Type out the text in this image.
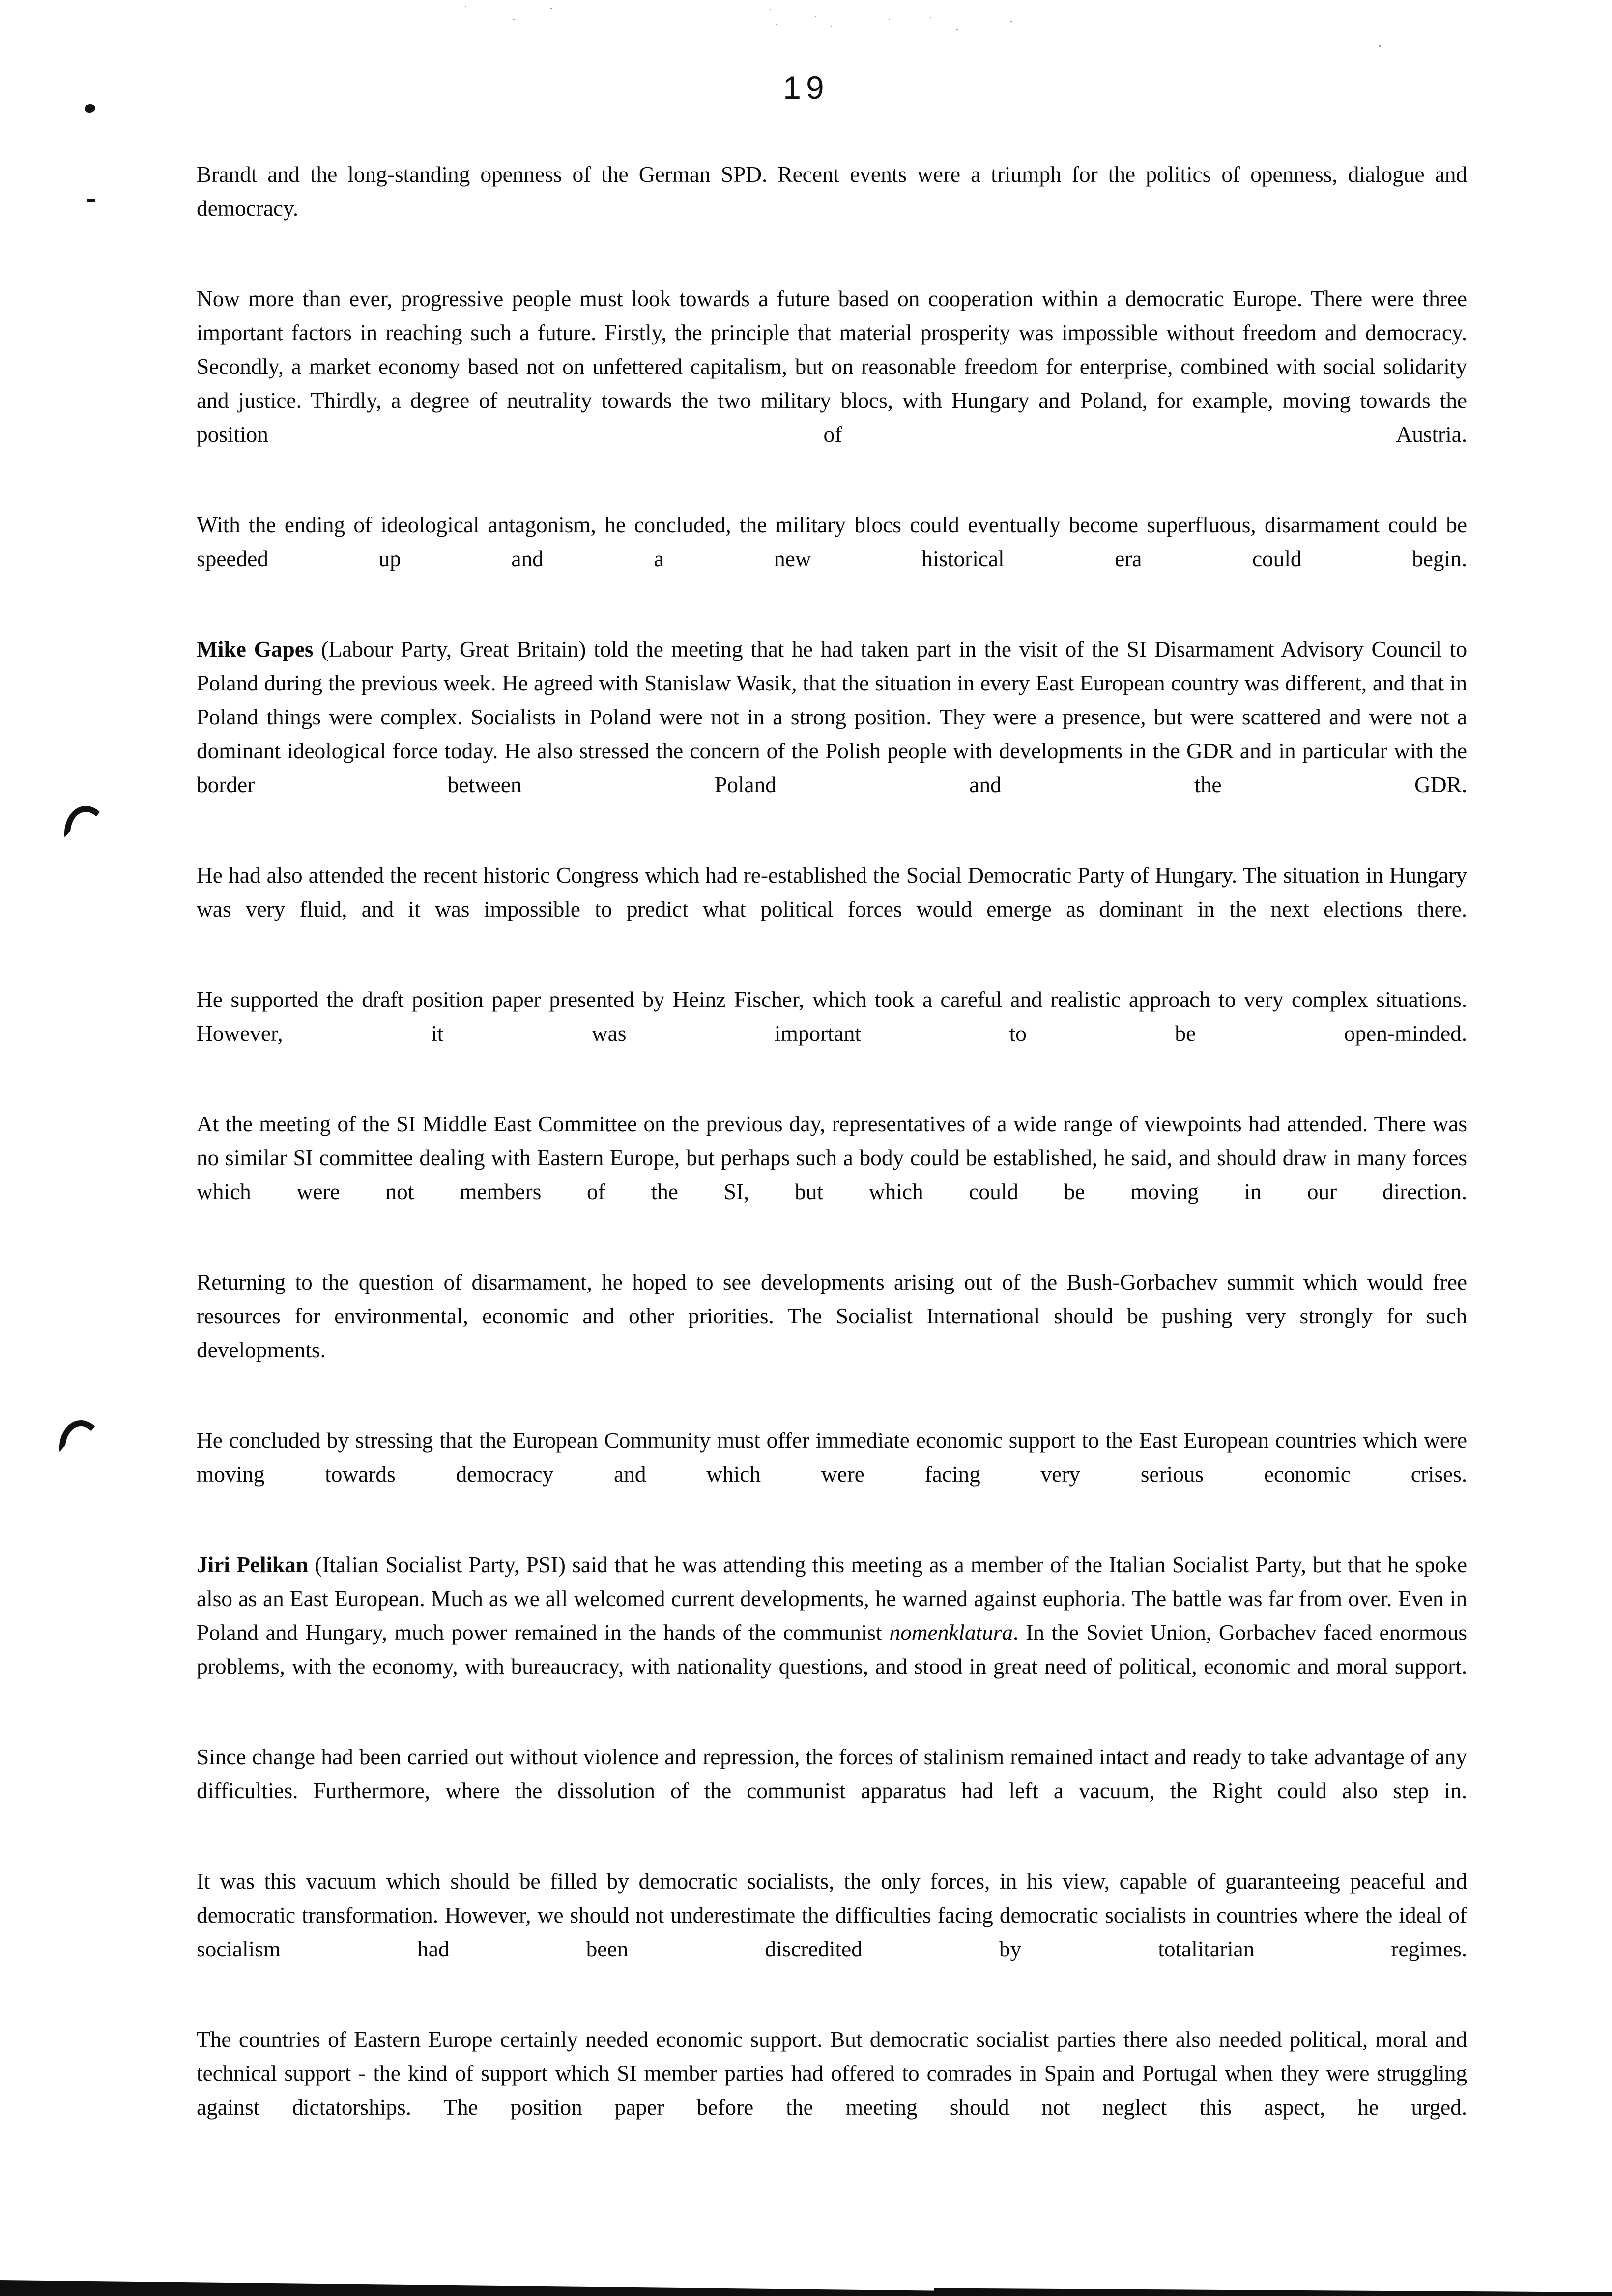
19

Brandt and the long-standing openness of the German SPD. Recent events were a triumph for the politics of openness, dialogue and democracy.

Now more than ever, progressive people must look towards a future based on cooperation within a democratic Europe. There were three important factors in reaching such a future. Firstly, the principle that material prosperity was impossible without freedom and democracy. Secondly, a market economy based not on unfettered capitalism, but on reasonable freedom for enterprise, combined with social solidarity and justice. Thirdly, a degree of neutrality towards the two military blocs, with Hungary and Poland, for example, moving towards the position of Austria.

With the ending of ideological antagonism, he concluded, the military blocs could eventually become superfluous, disarmament could be speeded up and a new historical era could begin.

Mike Gapes (Labour Party, Great Britain) told the meeting that he had taken part in the visit of the SI Disarmament Advisory Council to Poland during the previous week. He agreed with Stanislaw Wasik, that the situation in every East European country was different, and that in Poland things were complex. Socialists in Poland were not in a strong position. They were a presence, but were scattered and were not a dominant ideological force today. He also stressed the concern of the Polish people with developments in the GDR and in particular with the border between Poland and the GDR.

He had also attended the recent historic Congress which had re-established the Social Democratic Party of Hungary. The situation in Hungary was very fluid, and it was impossible to predict what political forces would emerge as dominant in the next elections there.

He supported the draft position paper presented by Heinz Fischer, which took a careful and realistic approach to very complex situations. However, it was important to be open-minded.

At the meeting of the SI Middle East Committee on the previous day, representatives of a wide range of viewpoints had attended. There was no similar SI committee dealing with Eastern Europe, but perhaps such a body could be established, he said, and should draw in many forces which were not members of the SI, but which could be moving in our direction.

Returning to the question of disarmament, he hoped to see developments arising out of the Bush-Gorbachev summit which would free resources for environmental, economic and other priorities. The Socialist International should be pushing very strongly for such developments.

He concluded by stressing that the European Community must offer immediate economic support to the East European countries which were moving towards democracy and which were facing very serious economic crises.

Jiri Pelikan (Italian Socialist Party, PSI) said that he was attending this meeting as a member of the Italian Socialist Party, but that he spoke also as an East European. Much as we all welcomed current developments, he warned against euphoria. The battle was far from over. Even in Poland and Hungary, much power remained in the hands of the communist nomenklatura. In the Soviet Union, Gorbachev faced enormous problems, with the economy, with bureaucracy, with nationality questions, and stood in great need of political, economic and moral support.

Since change had been carried out without violence and repression, the forces of stalinism remained intact and ready to take advantage of any difficulties. Furthermore, where the dissolution of the communist apparatus had left a vacuum, the Right could also step in.

It was this vacuum which should be filled by democratic socialists, the only forces, in his view, capable of guaranteeing peaceful and democratic transformation. However, we should not underestimate the difficulties facing democratic socialists in countries where the ideal of socialism had been discredited by totalitarian regimes.

The countries of Eastern Europe certainly needed economic support. But democratic socialist parties there also needed political, moral and technical support - the kind of support which SI member parties had offered to comrades in Spain and Portugal when they were struggling against dictatorships. The position paper before the meeting should not neglect this aspect, he urged.
